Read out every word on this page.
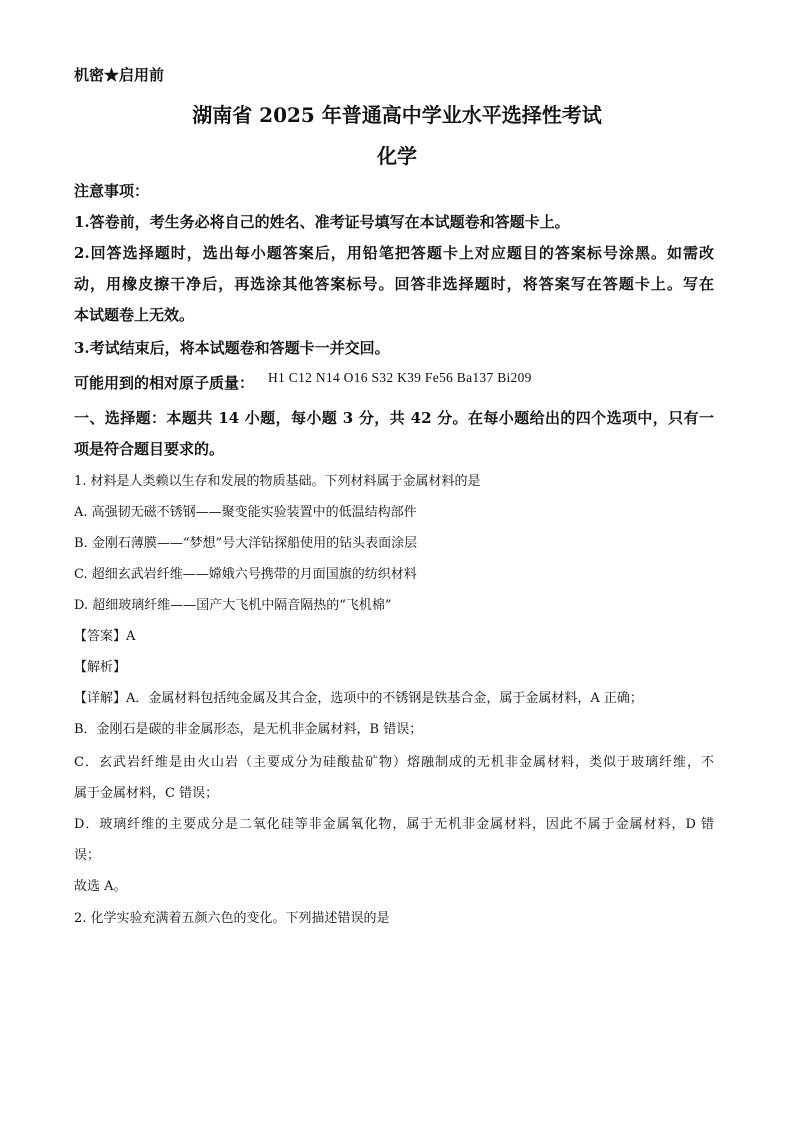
机密★启用前
湖南省 2025 年普通高中学业水平选择性考试
化学
注意事项：
1.答卷前，考生务必将自己的姓名、准考证号填写在本试题卷和答题卡上。
2.回答选择题时，选出每小题答案后，用铅笔把答题卡上对应题目的答案标号涂黑。如需改
动，用橡皮擦干净后，再选涂其他答案标号。回答非选择题时，将答案写在答题卡上。写在
本试题卷上无效。
3.考试结束后，将本试题卷和答题卡一并交回。
可能用到的相对原子质量： H1 C12 N14 O16 S32 K39 Fe56 Ba137 Bi209
一、选择题：本题共 14 小题，每小题 3 分，共 42 分。在每小题给出的四个选项中，只有一
项是符合题目要求的。
1. 材料是人类赖以生存和发展的物质基础。下列材料属于金属材料的是
A. 高强韧无磁不锈钢——聚变能实验装置中的低温结构部件
B. 金刚石薄膜——“梦想”号大洋钻探船使用的钻头表面涂层
C. 超细玄武岩纤维——嫦娥六号携带的月面国旗的纺织材料
D. 超细玻璃纤维——国产大飞机中隔音隔热的“飞机棉”
【答案】A
【解析】
【详解】A．金属材料包括纯金属及其合金，选项中的不锈钢是铁基合金，属于金属材料，A 正确；
B．金刚石是碳的非金属形态，是无机非金属材料，B 错误；
C．玄武岩纤维是由火山岩（主要成分为硅酸盐矿物）熔融制成的无机非金属材料，类似于玻璃纤维，不
属于金属材料，C 错误；
D．玻璃纤维的主要成分是二氧化硅等非金属氧化物，属于无机非金属材料，因此不属于金属材料，D 错
误；
故选 A。
2. 化学实验充满着五颜六色的变化。下列描述错误的是
